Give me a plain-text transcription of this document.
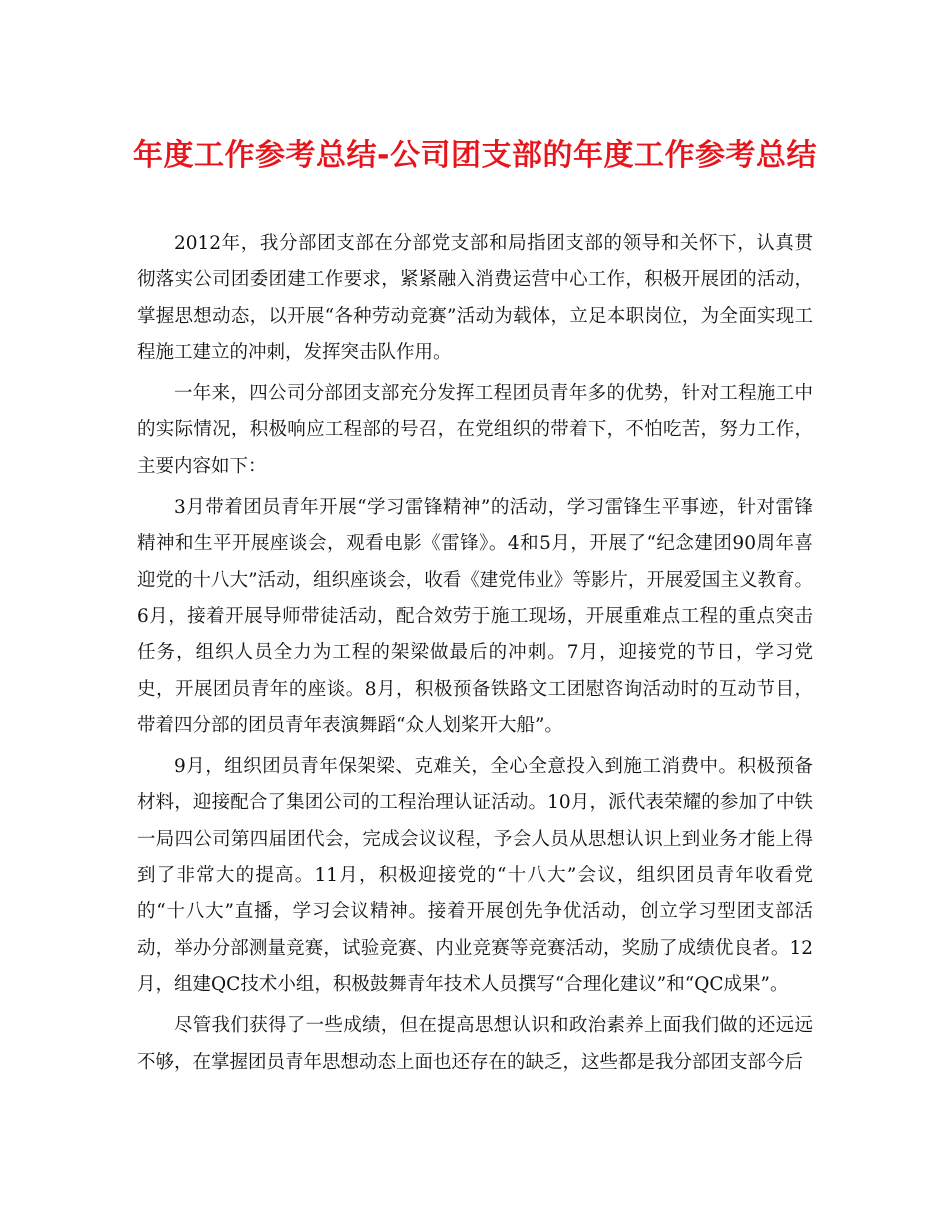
年度工作参考总结-公司团支部的年度工作参考总结

2012年，我分部团支部在分部党支部和局指团支部的领导和关怀下，认真贯彻落实公司团委团建工作要求，紧紧融入消费运营中心工作，积极开展团的活动，掌握思想动态，以开展“各种劳动竞赛”活动为载体，立足本职岗位，为全面实现工程施工建立的冲刺，发挥突击队作用。

一年来，四公司分部团支部充分发挥工程团员青年多的优势，针对工程施工中的实际情况，积极响应工程部的号召，在党组织的带着下，不怕吃苦，努力工作，主要内容如下：

3月带着团员青年开展“学习雷锋精神”的活动，学习雷锋生平事迹，针对雷锋精神和生平开展座谈会，观看电影《雷锋》。4和5月，开展了“纪念建团90周年喜迎党的十八大”活动，组织座谈会，收看《建党伟业》等影片，开展爱国主义教育。6月，接着开展导师带徒活动，配合效劳于施工现场，开展重难点工程的重点突击任务，组织人员全力为工程的架梁做最后的冲刺。7月，迎接党的节日，学习党史，开展团员青年的座谈。8月，积极预备铁路文工团慰咨询活动时的互动节目，带着四分部的团员青年表演舞蹈“众人划桨开大船”。

9月，组织团员青年保架梁、克难关，全心全意投入到施工消费中。积极预备材料，迎接配合了集团公司的工程治理认证活动。10月，派代表荣耀的参加了中铁一局四公司第四届团代会，完成会议议程，予会人员从思想认识上到业务才能上得到了非常大的提高。11月，积极迎接党的“十八大”会议，组织团员青年收看党的“十八大”直播，学习会议精神。接着开展创先争优活动，创立学习型团支部活动，举办分部测量竞赛，试验竞赛、内业竞赛等竞赛活动，奖励了成绩优良者。12月，组建QC技术小组，积极鼓舞青年技术人员撰写“合理化建议”和“QC成果”。

尽管我们获得了一些成绩，但在提高思想认识和政治素养上面我们做的还远远不够，在掌握团员青年思想动态上面也还存在的缺乏，这些都是我分部团支部今后
